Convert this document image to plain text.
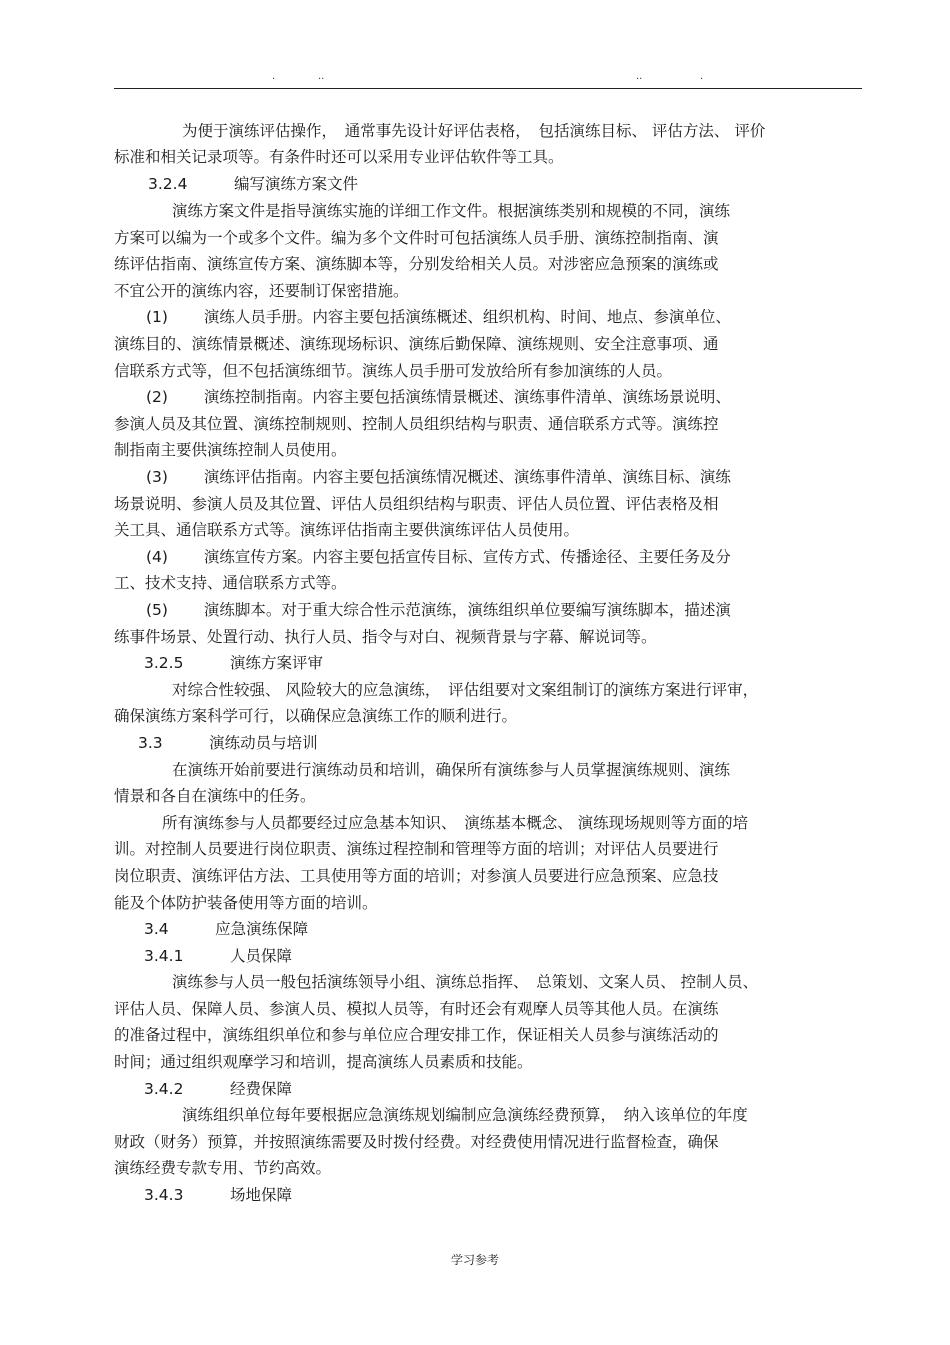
.	..	..	.
为便于演练评估操作，　通常事先设计好评估表格，　包括演练目标、 评估方法、 评价
标准和相关记录项等。有条件时还可以采用专业评估软件等工具。
3.2.4　　　编写演练方案文件
演练方案文件是指导演练实施的详细工作文件。根据演练类别和规模的不同，演练
方案可以编为一个或多个文件。编为多个文件时可包括演练人员手册、演练控制指南、演
练评估指南、演练宣传方案、演练脚本等，分别发给相关人员。对涉密应急预案的演练或
不宜公开的演练内容，还要制订保密措施。
(1)　　 演练人员手册。内容主要包括演练概述、组织机构、时间、地点、参演单位、
演练目的、演练情景概述、演练现场标识、演练后勤保障、演练规则、安全注意事项、通
信联系方式等，但不包括演练细节。演练人员手册可发放给所有参加演练的人员。
(2)　　 演练控制指南。内容主要包括演练情景概述、演练事件清单、演练场景说明、
参演人员及其位置、演练控制规则、控制人员组织结构与职责、通信联系方式等。演练控
制指南主要供演练控制人员使用。
(3)　　 演练评估指南。内容主要包括演练情况概述、演练事件清单、演练目标、演练
场景说明、参演人员及其位置、评估人员组织结构与职责、评估人员位置、评估表格及相
关工具、通信联系方式等。演练评估指南主要供演练评估人员使用。
(4)　　 演练宣传方案。内容主要包括宣传目标、宣传方式、传播途径、主要任务及分
工、技术支持、通信联系方式等。
(5)　　 演练脚本。对于重大综合性示范演练，演练组织单位要编写演练脚本，描述演
练事件场景、处置行动、执行人员、指令与对白、视频背景与字幕、解说词等。
3.2.5　　　演练方案评审
对综合性较强、 风险较大的应急演练，　评估组要对文案组制订的演练方案进行评审，
确保演练方案科学可行，以确保应急演练工作的顺利进行。
3.3　　　演练动员与培训
在演练开始前要进行演练动员和培训，确保所有演练参与人员掌握演练规则、演练
情景和各自在演练中的任务。
所有演练参与人员都要经过应急基本知识、　演练基本概念、 演练现场规则等方面的培
训。对控制人员要进行岗位职责、演练过程控制和管理等方面的培训；对评估人员要进行
岗位职责、演练评估方法、工具使用等方面的培训；对参演人员要进行应急预案、应急技
能及个体防护装备使用等方面的培训。
3.4　　　应急演练保障
3.4.1　　　人员保障
演练参与人员一般包括演练领导小组、演练总指挥、　总策划、文案人员、 控制人员、
评估人员、保障人员、参演人员、模拟人员等，有时还会有观摩人员等其他人员。在演练
的准备过程中，演练组织单位和参与单位应合理安排工作，保证相关人员参与演练活动的
时间；通过组织观摩学习和培训，提高演练人员素质和技能。
3.4.2　　　经费保障
演练组织单位每年要根据应急演练规划编制应急演练经费预算，　纳入该单位的年度
财政（财务）预算，并按照演练需要及时拨付经费。对经费使用情况进行监督检查，确保
演练经费专款专用、节约高效。
3.4.3　　　场地保障
学习参考
